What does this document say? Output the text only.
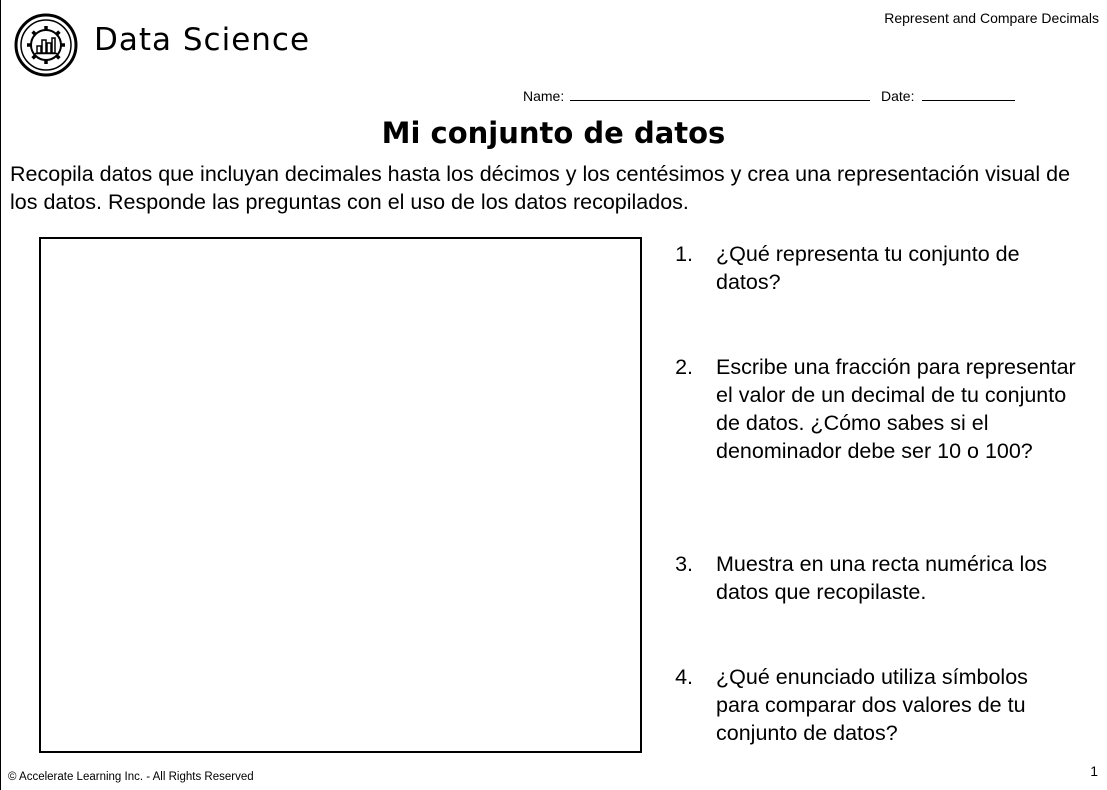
Data Science
Represent and Compare Decimals
Name:	Date:
Mi conjunto de datos
Recopila datos que incluyan decimales hasta los décimos y los centésimos y crea una representación visual de los datos. Responde las preguntas con el uso de los datos recopilados.
1. ¿Qué representa tu conjunto de datos?
2. Escribe una fracción para representar el valor de un decimal de tu conjunto de datos. ¿Cómo sabes si el denominador debe ser 10 o 100?
3. Muestra en una recta numérica los datos que recopilaste.
4. ¿Qué enunciado utiliza símbolos para comparar dos valores de tu conjunto de datos?
© Accelerate Learning Inc. - All Rights Reserved	1
